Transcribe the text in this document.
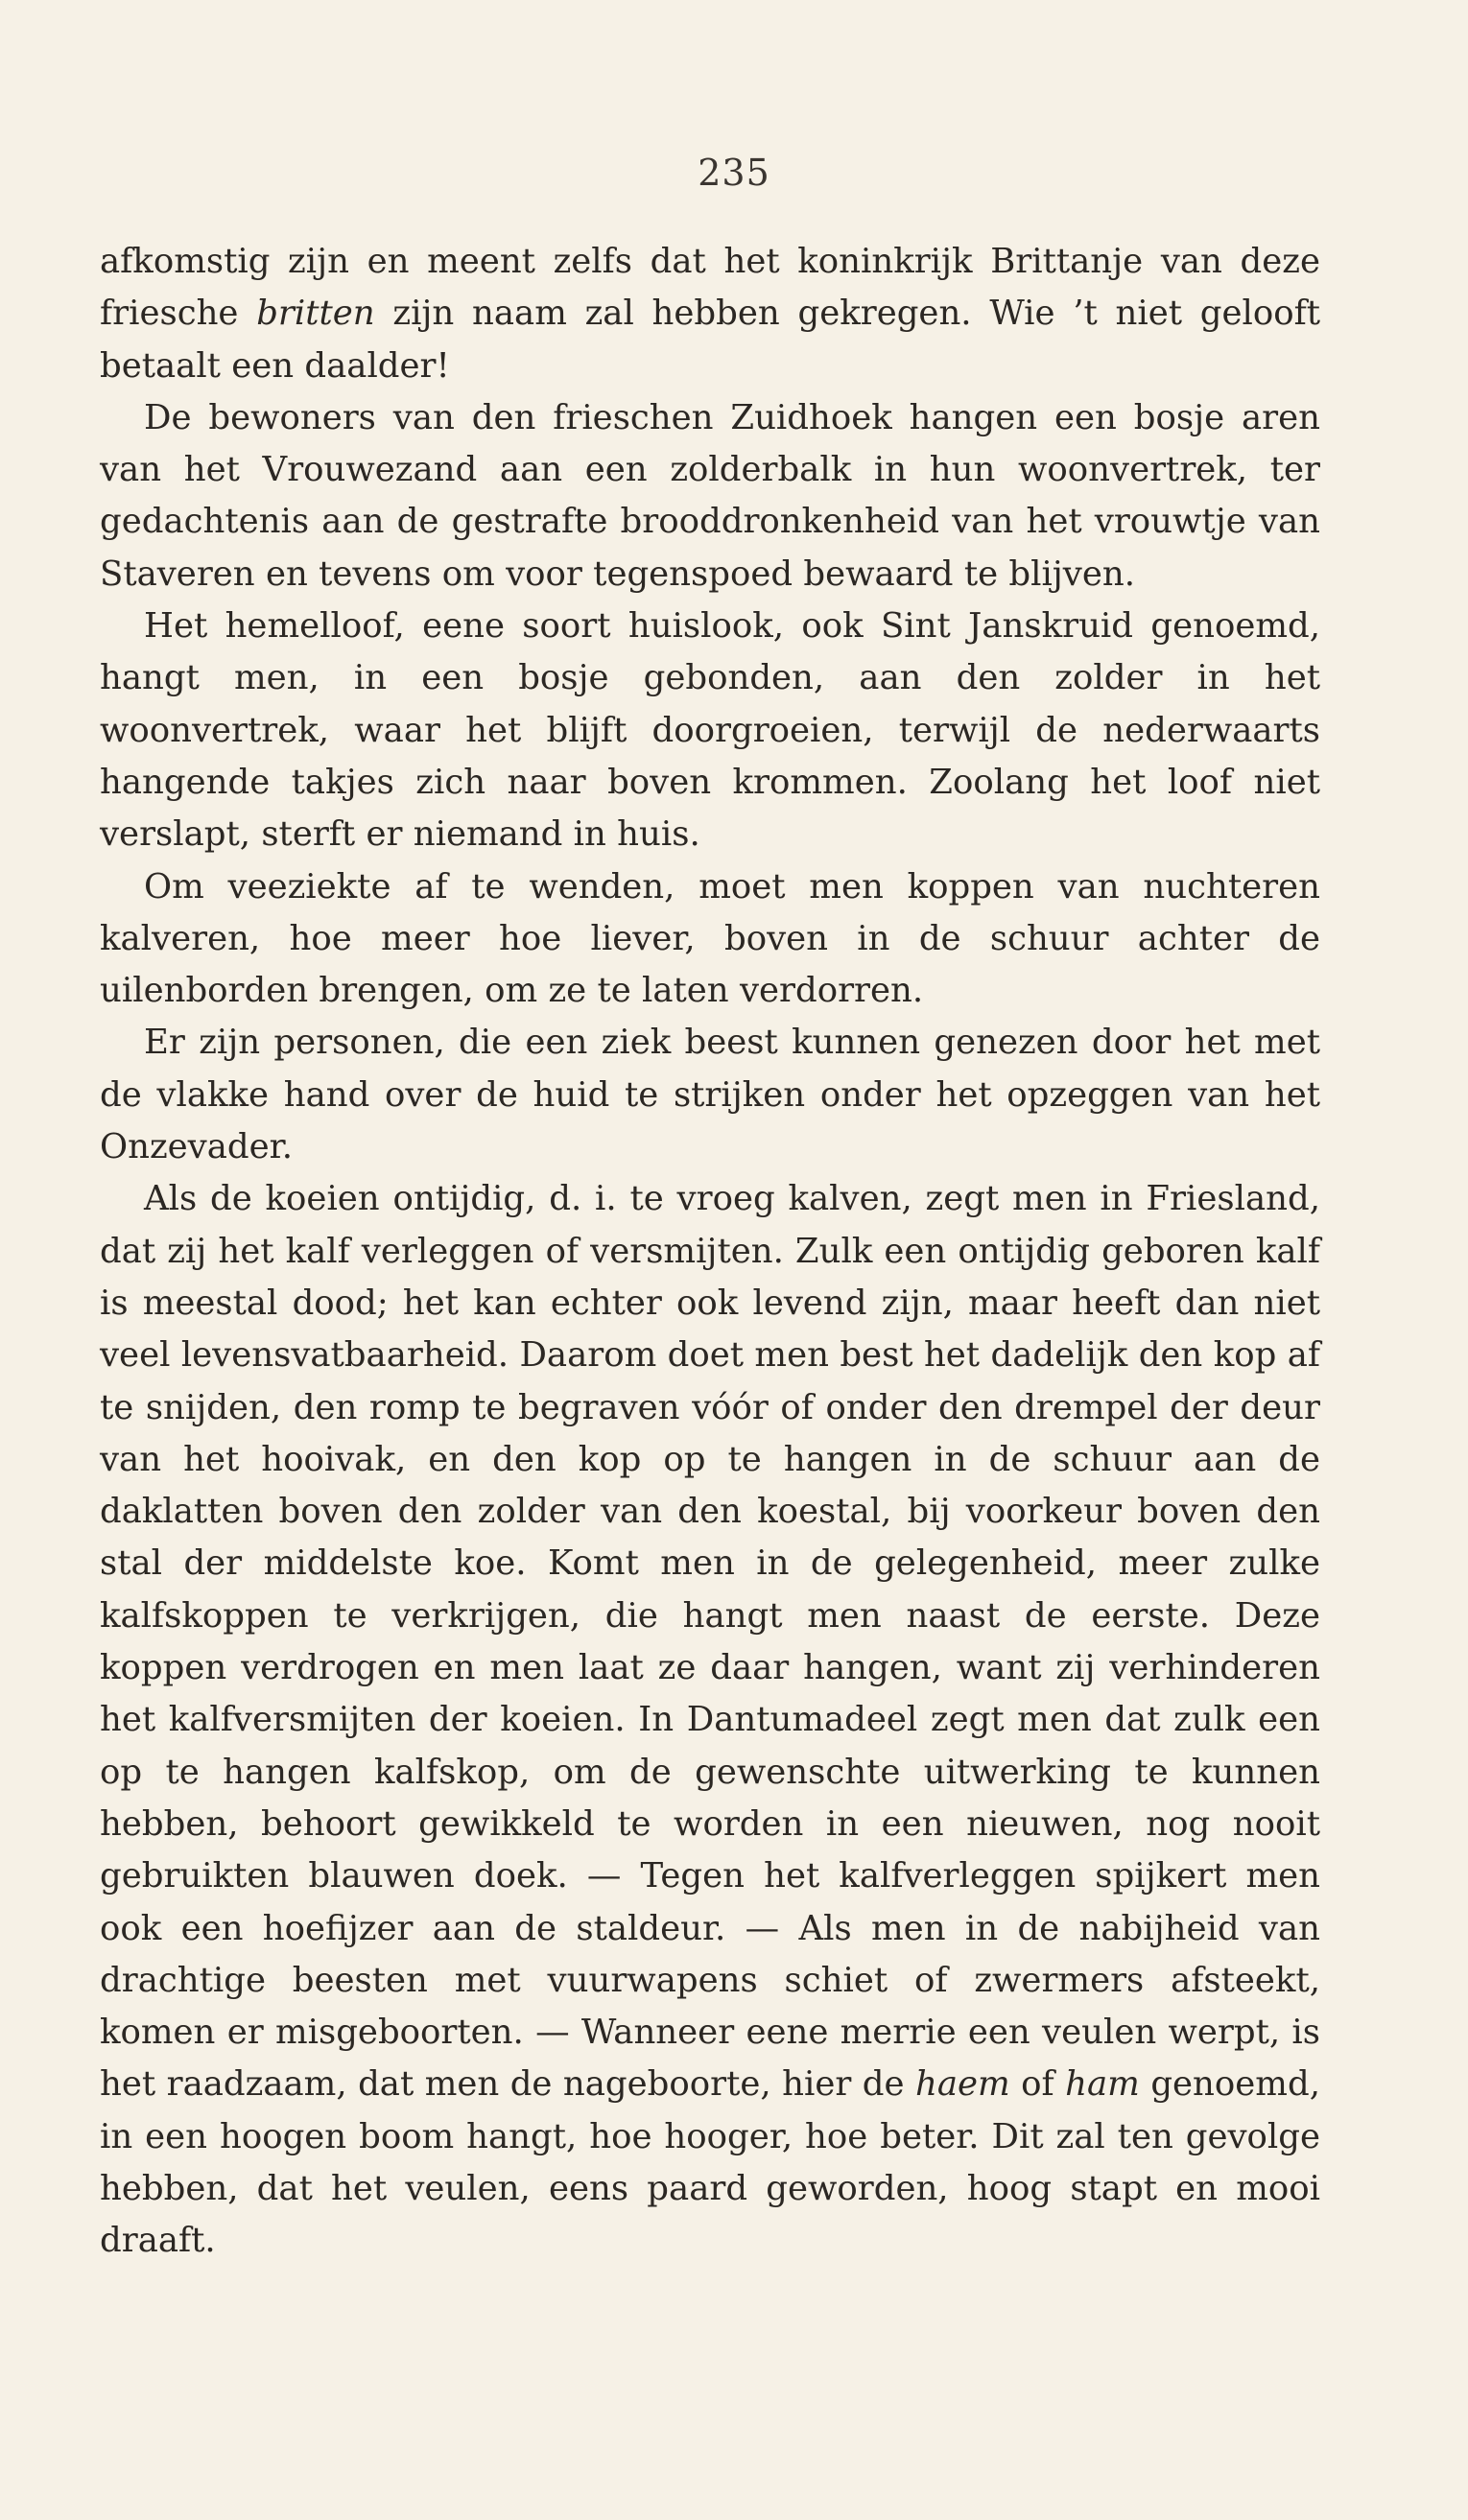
235

afkomstig zijn en meent zelfs dat het koninkrijk Brittanje van deze friesche britten zijn naam zal hebben gekregen. Wie ’t niet gelooft betaalt een daalder!

De bewoners van den frieschen Zuidhoek hangen een bosje aren van het Vrouwezand aan een zolderbalk in hun woonvertrek, ter gedachtenis aan de gestrafte brooddronkenheid van het vrouwtje van Staveren en tevens om voor tegenspoed bewaard te blijven.

Het hemelloof, eene soort huislook, ook Sint Janskruid genoemd, hangt men, in een bosje gebonden, aan den zolder in het woonvertrek, waar het blijft doorgroeien, terwijl de nederwaarts hangende takjes zich naar boven krommen. Zoolang het loof niet verslapt, sterft er niemand in huis.

Om veeziekte af te wenden, moet men koppen van nuchteren kalveren, hoe meer hoe liever, boven in de schuur achter de uilenborden brengen, om ze te laten verdorren.

Er zijn personen, die een ziek beest kunnen genezen door het met de vlakke hand over de huid te strijken onder het opzeggen van het Onzevader.

Als de koeien ontijdig, d. i. te vroeg kalven, zegt men in Friesland, dat zij het kalf verleggen of versmijten. Zulk een ontijdig geboren kalf is meestal dood; het kan echter ook levend zijn, maar heeft dan niet veel levensvatbaarheid. Daarom doet men best het dadelijk den kop af te snijden, den romp te begraven vóór of onder den drempel der deur van het hooivak, en den kop op te hangen in de schuur aan de daklatten boven den zolder van den koestal, bij voorkeur boven den stal der middelste koe. Komt men in de gelegenheid, meer zulke kalfskoppen te verkrijgen, die hangt men naast de eerste. Deze koppen verdrogen en men laat ze daar hangen, want zij verhinderen het kalfversmijten der koeien. In Dantumadeel zegt men dat zulk een op te hangen kalfskop, om de gewenschte uitwerking te kunnen hebben, behoort gewikkeld te worden in een nieuwen, nog nooit gebruikten blauwen doek. — Tegen het kalfverleggen spijkert men ook een hoefijzer aan de staldeur. — Als men in de nabijheid van drachtige beesten met vuurwapens schiet of zwermers afsteekt, komen er misgeboorten. — Wanneer eene merrie een veulen werpt, is het raadzaam, dat men de nageboorte, hier de haem of ham genoemd, in een hoogen boom hangt, hoe hooger, hoe beter. Dit zal ten gevolge hebben, dat het veulen, eens paard geworden, hoog stapt en mooi draaft.
